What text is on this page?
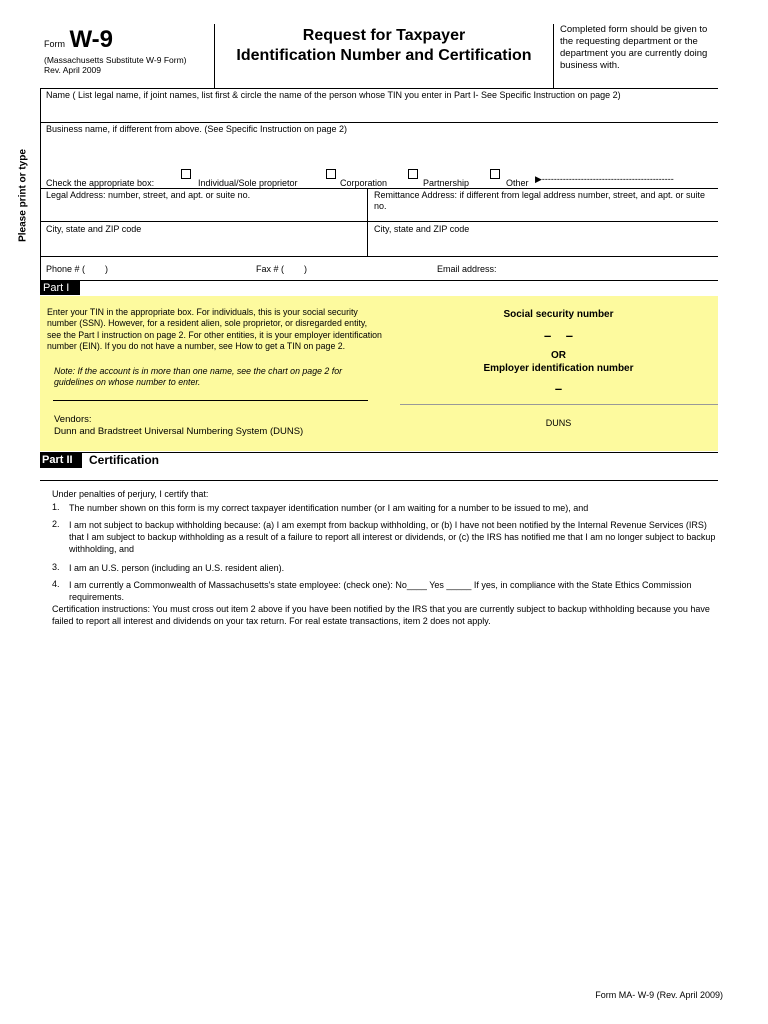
Form W-9
(Massachusetts Substitute W-9 Form)
Rev. April 2009
Request for Taxpayer
Identification Number and Certification
Completed form should be given to the requesting department or the department you are currently doing business with.
Please print or type
Name ( List legal name, if joint names, list first & circle the name of the person whose TIN you enter in Part I- See Specific Instruction on page 2)
Business name, if different from above. (See Specific Instruction on page 2)
Check the appropriate box:	Individual/Sole proprietor	Corporation	Partnership	Other ▶--------------------------------------------
Legal Address: number, street, and apt. or suite no.	Remittance Address: if different from legal address number, street, and apt. or suite no.
City, state and ZIP code	City, state and ZIP code
Phone # (        )	Fax # (        )	Email address:
Part I
Enter your TIN in the appropriate box. For individuals, this is your social security number (SSN). However, for a resident alien, sole proprietor, or disregarded entity, see the Part I instruction on page 2. For other entities, it is your employer identification number (EIN). If you do not have a number, see How to get a TIN on page 2.
Note: If the account is in more than one name, see the chart on page 2 for guidelines on whose number to enter.
Vendors:
Dunn and Bradstreet Universal Numbering System (DUNS)
Social security number
–    –
OR
Employer identification number
–
DUNS
Part II	Certification
Under penalties of perjury, I certify that:
1. The number shown on this form is my correct taxpayer identification number (or I am waiting for a number to be issued to me), and
2. I am not subject to backup withholding because: (a) I am exempt from backup withholding, or (b) I have not been notified by the Internal Revenue Services (IRS) that I am subject to backup withholding as a result of a failure to report all interest or dividends, or (c) the IRS has notified me that I am no longer subject to backup withholding, and
3. I am an U.S. person (including an U.S. resident alien).
4. I am currently a Commonwealth of Massachusetts's state employee: (check one): No____ Yes _____ If yes, in compliance with the State Ethics Commission requirements.
Certification instructions: You must cross out item 2 above if you have been notified by the IRS that you are currently subject to backup withholding because you have failed to report all interest and dividends on your tax return. For real estate transactions, item 2 does not apply.
Form MA- W-9 (Rev. April 2009)
